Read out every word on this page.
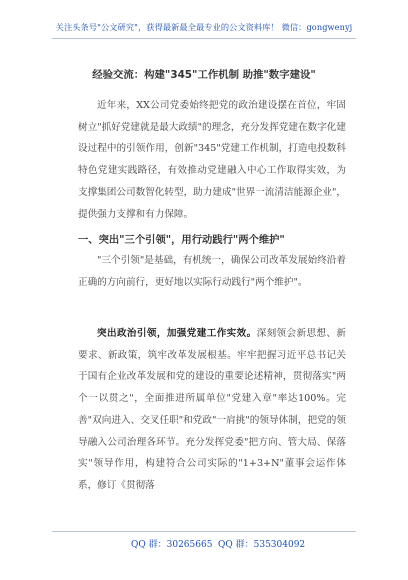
关注头条号"公文研究"，获得最新最全最专业的公文资料库！ 微信：gongwenyj
经验交流：构建"345"工作机制 助推"数字建设"

近年来，XX公司党委始终把党的政治建设摆在首位，牢固树立"抓好党建就是最大政绩"的理念，充分发挥党建在数字化建设过程中的引领作用，创新"345"党建工作机制，打造电投数科特色党建实践路径，有效推动党建融入中心工作取得实效，为支撑集团公司数智化转型，助力建成"世界一流清洁能源企业"，提供强力支撑和有力保障。

一、突出"三个引领"，用行动践行"两个维护"

"三个引领"是基础，有机统一，确保公司改革发展始终沿着正确的方向前行，更好地以实际行动践行"两个维护"。

突出政治引领，加强党建工作实效。深刻领会新思想、新要求、新政策，筑牢改革发展根基。牢牢把握习近平总书记关于国有企业改革发展和党的建设的重要论述精神，贯彻落实"两个一以贯之"，全面推进所属单位"党建入章"率达100%。完善"双向进入、交叉任职"和党政"一肩挑"的领导体制，把党的领导融入公司治理各环节。充分发挥党委"把方向、管大局、保落实"领导作用，构建符合公司实际的"1+3+N"董事会运作体系，修订《贯彻落

QQ 群：30265665 QQ 群：535304092
